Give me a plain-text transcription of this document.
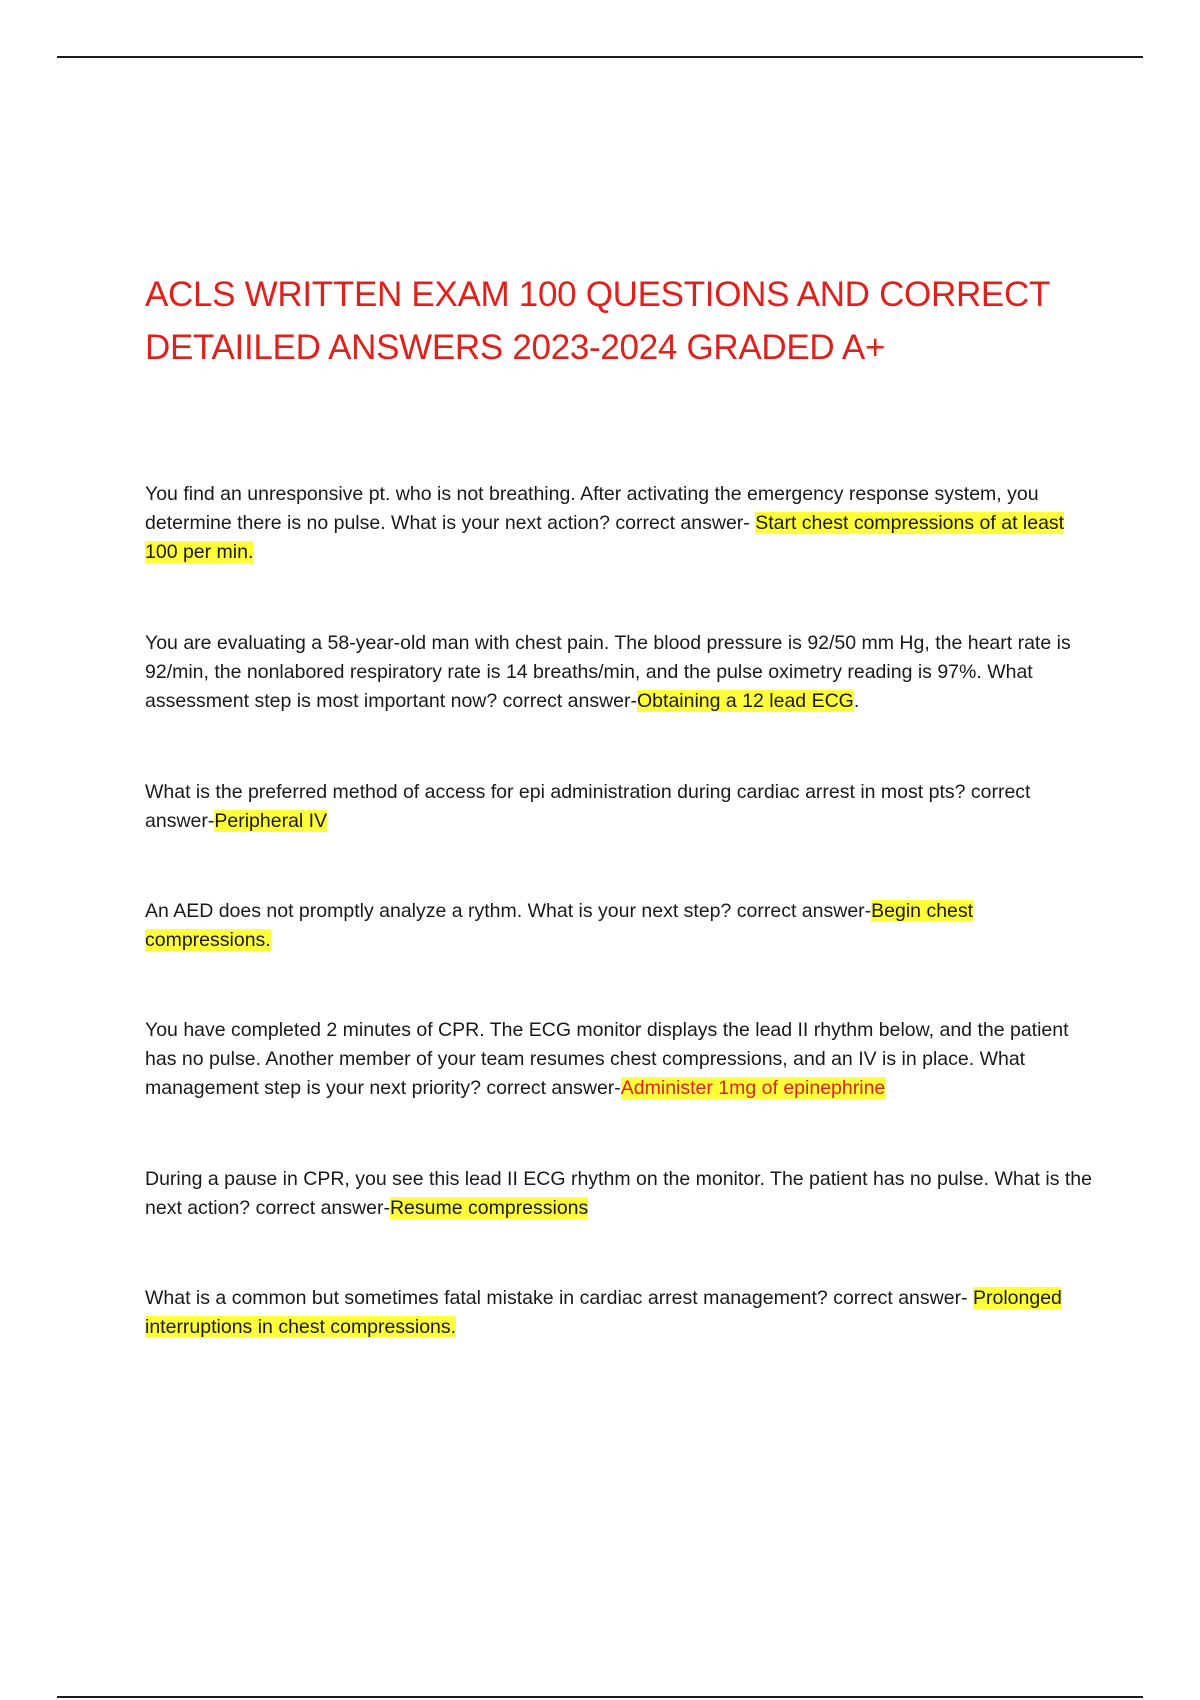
ACLS WRITTEN EXAM 100 QUESTIONS AND CORRECT DETAIILED ANSWERS 2023-2024 GRADED A+

You find an unresponsive pt. who is not breathing. After activating the emergency response system, you determine there is no pulse. What is your next action? correct answer- Start chest compressions of at least 100 per min.

You are evaluating a 58-year-old man with chest pain. The blood pressure is 92/50 mm Hg, the heart rate is 92/min, the nonlabored respiratory rate is 14 breaths/min, and the pulse oximetry reading is 97%. What assessment step is most important now? correct answer-Obtaining a 12 lead ECG.

What is the preferred method of access for epi administration during cardiac arrest in most pts? correct answer-Peripheral IV

An AED does not promptly analyze a rythm. What is your next step? correct answer-Begin chest compressions.

You have completed 2 minutes of CPR. The ECG monitor displays the lead II rhythm below, and the patient has no pulse. Another member of your team resumes chest compressions, and an IV is in place. What management step is your next priority? correct answer-Administer 1mg of epinephrine

During a pause in CPR, you see this lead II ECG rhythm on the monitor. The patient has no pulse. What is the next action? correct answer-Resume compressions

What is a common but sometimes fatal mistake in cardiac arrest management? correct answer- Prolonged interruptions in chest compressions.
